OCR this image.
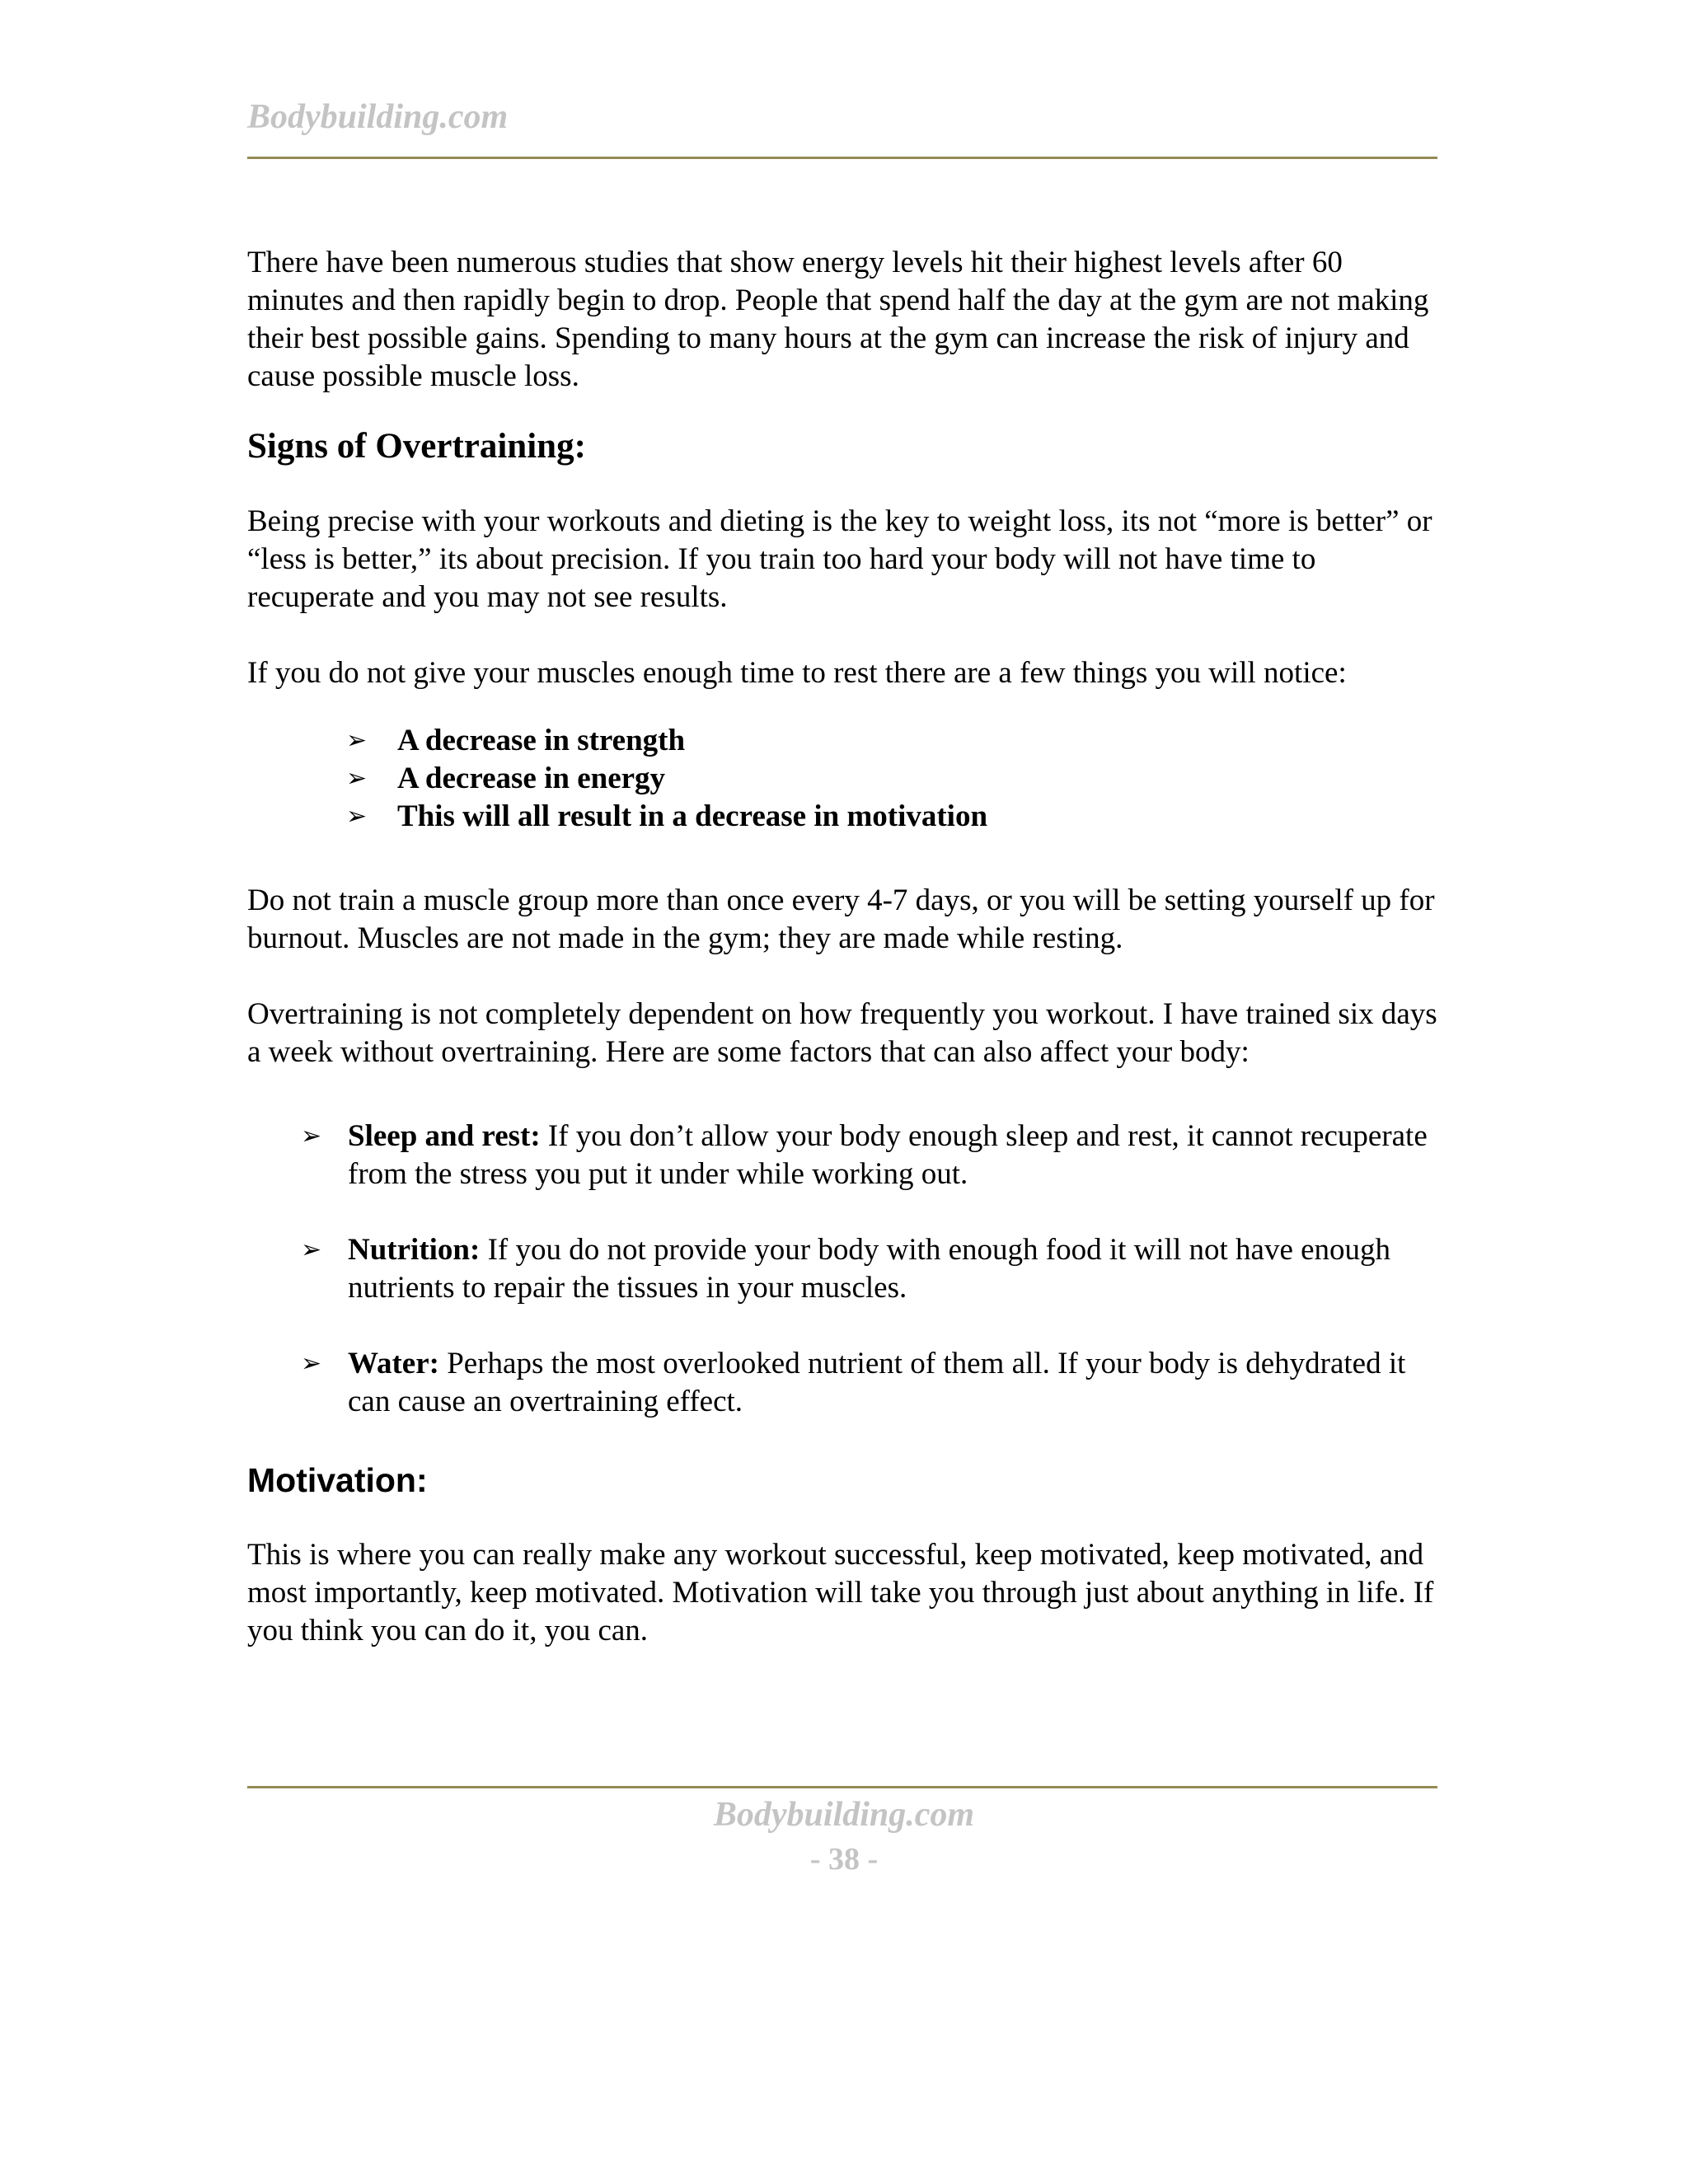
Bodybuilding.com

There have been numerous studies that show energy levels hit their highest levels after 60 minutes and then rapidly begin to drop. People that spend half the day at the gym are not making their best possible gains. Spending to many hours at the gym can increase the risk of injury and cause possible muscle loss.

Signs of Overtraining:

Being precise with your workouts and dieting is the key to weight loss, its not “more is better” or “less is better,” its about precision. If you train too hard your body will not have time to recuperate and you may not see results.

If you do not give your muscles enough time to rest there are a few things you will notice:

➢ A decrease in strength
➢ A decrease in energy
➢ This will all result in a decrease in motivation

Do not train a muscle group more than once every 4-7 days, or you will be setting yourself up for burnout. Muscles are not made in the gym; they are made while resting.

Overtraining is not completely dependent on how frequently you workout. I have trained six days a week without overtraining. Here are some factors that can also affect your body:

➢ Sleep and rest: If you don’t allow your body enough sleep and rest, it cannot recuperate from the stress you put it under while working out.
➢ Nutrition: If you do not provide your body with enough food it will not have enough nutrients to repair the tissues in your muscles.
➢ Water: Perhaps the most overlooked nutrient of them all. If your body is dehydrated it can cause an overtraining effect.
Motivation:

This is where you can really make any workout successful, keep motivated, keep motivated, and most importantly, keep motivated. Motivation will take you through just about anything in life. If you think you can do it, you can.

Bodybuilding.com
- 38 -
